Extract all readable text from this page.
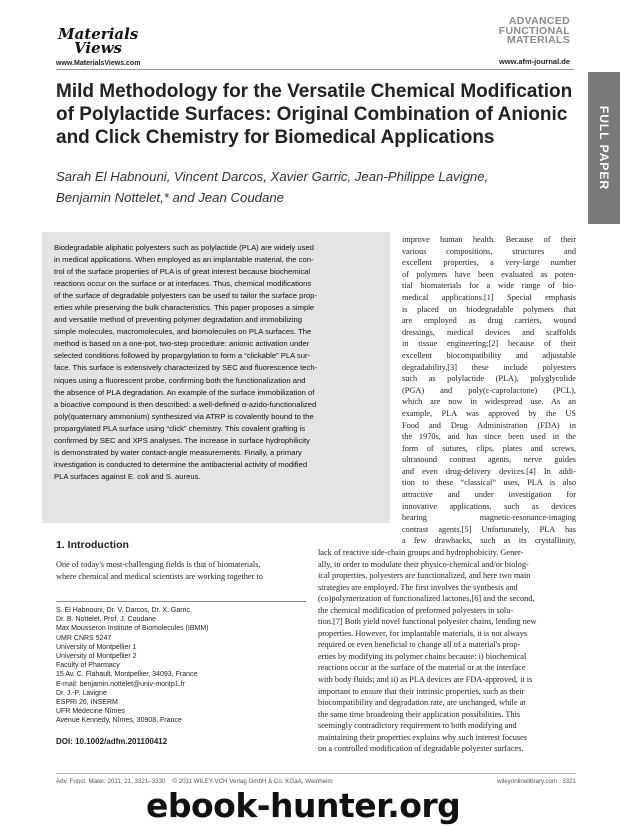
Materials
Views
www.MaterialsViews.com
ADVANCED
FUNCTIONAL
MATERIALS
www.afm-journal.de
FULL PAPER
Mild Methodology for the Versatile Chemical Modification
of Polylactide Surfaces: Original Combination of Anionic
and Click Chemistry for Biomedical Applications
Sarah El Habnouni, Vincent Darcos, Xavier Garric, Jean-Philippe Lavigne,
Benjamin Nottelet,* and Jean Coudane
Biodegradable aliphatic polyesters such as polylactide (PLA) are widely used
in medical applications. When employed as an implantable material, the con-
trol of the surface properties of PLA is of great interest because biochemical
reactions occur on the surface or at interfaces. Thus, chemical modifications
of the surface of degradable polyesters can be used to tailor the surface prop-
erties while preserving the bulk characteristics. This paper proposes a simple
and versatile method of preventing polymer degradation and immobilizing
simple molecules, macromolecules, and biomolecules on PLA surfaces. The
method is based on a one-pot, two-step procedure: anionic activation under
selected conditions followed by propargylation to form a “clickable” PLA sur-
face. This surface is extensively characterized by SEC and fluorescence tech-
niques using a fluorescent probe, confirming both the functionalization and
the absence of PLA degradation. An example of the surface immobilization of
a bioactive compound is then described: a well-defined α-azido-functionalized
poly(quaternary ammonium) synthesized via ATRP is covalently bound to the
propargylated PLA surface using “click” chemistry. This covalent grafting is
confirmed by SEC and XPS analyses. The increase in surface hydrophilicity
is demonstrated by water contact-angle measurements. Finally, a primary
investigation is conducted to determine the antibacterial activity of modified
PLA surfaces against E. coli and S. aureus.
improve human health. Because of their
various compositions, structures and
excellent properties, a very-large number
of polymers have been evaluated as poten-
tial biomaterials for a wide range of bio-
medical applications.[1] Special emphasis
is placed on biodegradable polymers that
are employed as drug carriers, wound
dressings, medical devices and scaffolds
in tissue engineering;[2] because of their
excellent biocompatibility and adjustable
degradability,[3] these include polyesters
such as polylactide (PLA), polyglycolide
(PGA) and poly(ε-caprolactone) (PCL),
which are now in widespread use. As an
example, PLA was approved by the US
Food and Drug Administration (FDA) in
the 1970s, and has since been used in the
form of sutures, clips, plates and screws,
ultrasound contrast agents, nerve guides
and even drug-delivery devices.[4] In addi-
tion to these “classical” uses, PLA is also
attractive and under investigation for
innovative applications, such as devices
bearing magnetic-resonance-imaging
contrast agents.[5] Unfortunately, PLA has
a few drawbacks, such as its crystallinity,
lack of reactive side-chain groups and hydrophobicity. Gener-
ally, in order to modulate their physico-chemical and/or biolog-
ical properties, polyesters are functionalized, and here two main
strategies are employed. The first involves the synthesis and
(co)polymerization of functionalized lactones,[6] and the second,
the chemical modification of preformed polyesters in solu-
tion.[7] Both yield novel functional polyester chains, lending new
properties. However, for implantable materials, it is not always
required or even beneficial to change all of a material's prop-
erties by modifying its polymer chains because: i) biochemical
reactions occur at the surface of the material or at the interface
with body fluids; and ii) as PLA devices are FDA-approved, it is
important to ensure that their intrinsic properties, such as their
biocompatibility and degradation rate, are unchanged, while at
the same time broadening their application possibilities. This
seemingly contradictory requirement to both modifying and
maintaining their properties explains why such interest focuses
on a controlled modification of degradable polyester surfaces.
1. Introduction
One of today's most-challenging fields is that of biomaterials,
where chemical and medical scientists are working together to
S. El Habnouni, Dr. V. Darcos, Dr. X. Garric,
Dr. B. Nottelet, Prof. J. Coudane
Max Mousseron Institute of Biomolecules (IBMM)
UMR CNRS 5247
University of Montpellier 1
University of Montpellier 2
Faculty of Pharmacy
15 Av. C. Flahault, Montpellier, 34093, France
E-mail: benjamin.nottelet@univ-montp1.fr
Dr. J.-P. Lavigne
ESPRI 26, INSERM
UFR Médecine Nîmes
Avenue Kennedy, Nîmes, 30908, France
DOI: 10.1002/adfm.201100412
Adv. Funct. Mater. 2011, 21, 3321–3330 © 2011 WILEY-VCH Verlag GmbH & Co. KGaA, Weinheim	wileyonlinelibrary.com 3321
ebook-hunter.org
